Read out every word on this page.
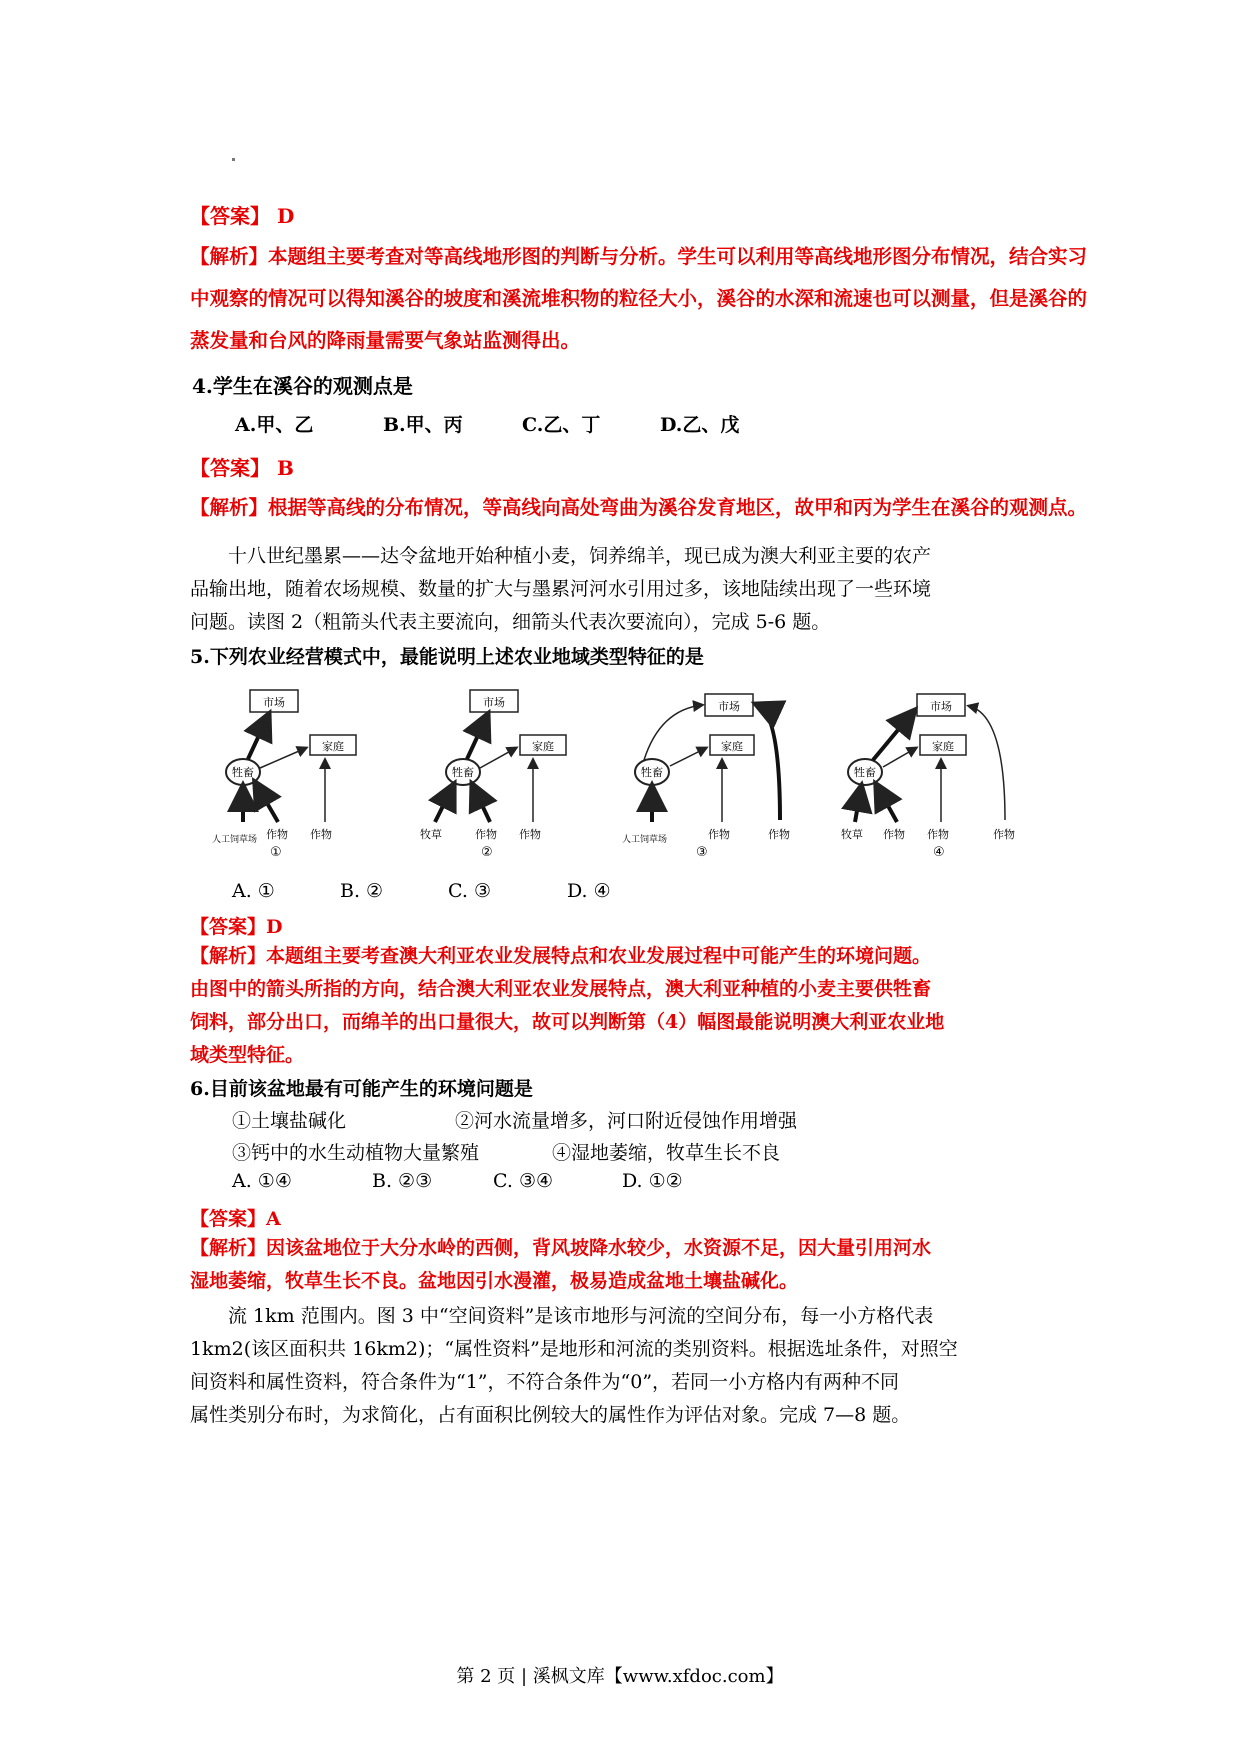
【答案】 D
【解析】本题组主要考查对等高线地形图的判断与分析。学生可以利用等高线地形图分布情况，结合实习
中观察的情况可以得知溪谷的坡度和溪流堆积物的粒径大小，溪谷的水深和流速也可以测量，但是溪谷的
蒸发量和台风的降雨量需要气象站监测得出。
4.学生在溪谷的观测点是
A.甲、乙	B.甲、丙	C.乙、丁	D.乙、戊
【答案】 B
【解析】根据等高线的分布情况，等高线向高处弯曲为溪谷发育地区，故甲和丙为学生在溪谷的观测点。
十八世纪墨累——达令盆地开始种植小麦，饲养绵羊，现已成为澳大利亚主要的农产
品输出地，随着农场规模、数量的扩大与墨累河河水引用过多，该地陆续出现了一些环境
问题。读图 2（粗箭头代表主要流向，细箭头代表次要流向），完成 5-6 题。
5.下列农业经营模式中，最能说明上述农业地域类型特征的是
市场
家庭
牲畜
人工饲草场 作物 作物
①
市场
家庭
牲畜
牧草	作物 作物
②
市场
家庭
牲畜
人工饲草场	作物	作物
③
市场
家庭
牲畜
牧草 作物 作物	作物
④
A. ①	B. ②	C. ③	D. ④
【答案】D
【解析】本题组主要考查澳大利亚农业发展特点和农业发展过程中可能产生的环境问题。
由图中的箭头所指的方向，结合澳大利亚农业发展特点，澳大利亚种植的小麦主要供牲畜
饲料，部分出口，而绵羊的出口量很大，故可以判断第（4）幅图最能说明澳大利亚农业地
域类型特征。
6.目前该盆地最有可能产生的环境问题是
①土壤盐碱化	②河水流量增多，河口附近侵蚀作用增强
③钙中的水生动植物大量繁殖	④湿地萎缩，牧草生长不良
A. ①④	B. ②③	C. ③④	D. ①②
【答案】A
【解析】因该盆地位于大分水岭的西侧，背风坡降水较少，水资源不足，因大量引用河水
湿地萎缩，牧草生长不良。盆地因引水漫灌，极易造成盆地土壤盐碱化。
流 1km 范围内。图 3 中“空间资料”是该市地形与河流的空间分布，每一小方格代表
1km2(该区面积共 16km2)；“属性资料”是地形和河流的类别资料。根据选址条件，对照空
间资料和属性资料，符合条件为“1”，不符合条件为“0”，若同一小方格内有两种不同
属性类别分布时，为求简化，占有面积比例较大的属性作为评估对象。完成 7—8 题。
第 2 页 | 溪枫文库【www.xfdoc.com】
